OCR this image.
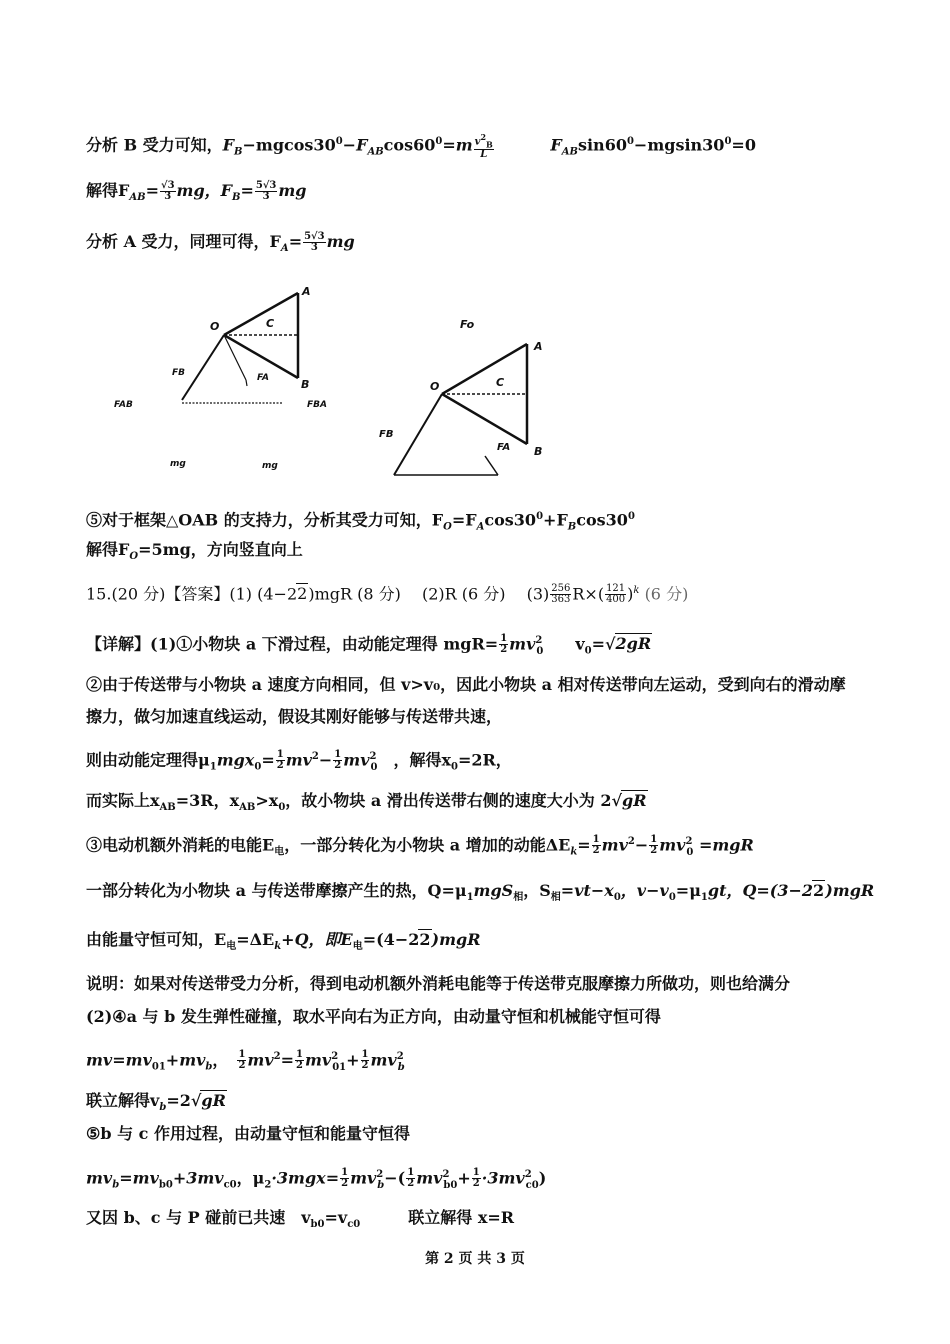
分析 B 受力可知，$F_B-mgcos30^0-F_{AB}\cos 60^0=m \frac{v^2_B}{L}$	$F_{AB}\sin 60^0-mgsin30^0=0$
解得$F_{AB}= \frac{√3}{3}$ mg，$F_B= \frac{5√3}{3}$ mg
分析 A 受力，同理可得，$F_A= \frac{5√3}{3}$ mg
A
O	C
FB	FA	B
FAB	FBA
mg	mg
Fo
A
O	C
FB
FA B
⑤对于框架△OAB 的支持力，分析其受力可知，$F_O=F_A\cos 30^0+F_B\cos 30^0$
解得$F_O=5mg$，方向竖直向上
15.(20 分)【答案】(1) (4−22)mgR (8 分)　 (2)R (6 分)　 $(3) \frac{256}{363} R\times( \frac{121}{400} )^k$ (6 分)
【详解】(1)①小物块 a 下滑过程，由动能定理得 $mgR= \frac{1}{2} mv^2_0$　　$v_0=√2gR$
②由于传送带与小物块 a 速度方向相同，但 v>v₀，因此小物块 a 相对传送带向左运动，受到向右的滑动摩
擦力，做匀加速直线运动，假设其刚好能够与传送带共速，
则由动能定理得$\mu_1mgx_0= \frac{1}{2} mv^2- \frac{1}{2} mv^2_0$　，解得$x_0=2R$，
而实际上$x_{AB}=3R$，$x_{AB}>x_0$，故小物块 a 滑出传送带右侧的速度大小为 2√gR
③电动机额外消耗的电能$E_电$，一部分转化为小物块 a 增加的动能$\Delta E_k= \frac{1}{2} mv^2- \frac{1}{2} mv^2_0 =mgR$
一部分转化为小物块 a 与传送带摩擦产生的热，$Q=\mu_1mgS_相$，$S_相=vt-x_0$，$v-v_0=\mu_1gt$，Q=(3−22)mgR
由能量守恒可知，$E_电=\Delta E_k+Q$，即$E_电=(4-22)mgR$
说明：如果对传送带受力分析，得到电动机额外消耗电能等于传送带克服摩擦力所做功，则也给满分
(2)④a 与 b 发生弹性碰撞，取水平向右为正方向，由动量守恒和机械能守恒可得
$mv=mv_{01}+mv_b$，　 $\frac{1}{2} mv^2= \frac{1}{2} mv^2_{01}+ \frac{1}{2} mv^2_b$
联立解得$v_b=2√gR$
⑤b 与 c 作用过程，由动量守恒和能量守恒得
$mv_b=mv_{b0}+3mv_{c0}$，$\mu_2\cdot 3mgx= \frac{1}{2} mv^2_b-( \frac{1}{2} mv^2_{b0}+ \frac{1}{2} \cdot 3mv^2_{c0})$
又因 b、c 与 P 碰前已共速　$v_{b0}=v_{c0}$　　　联立解得 x=R
第 2 页 共 3 页
